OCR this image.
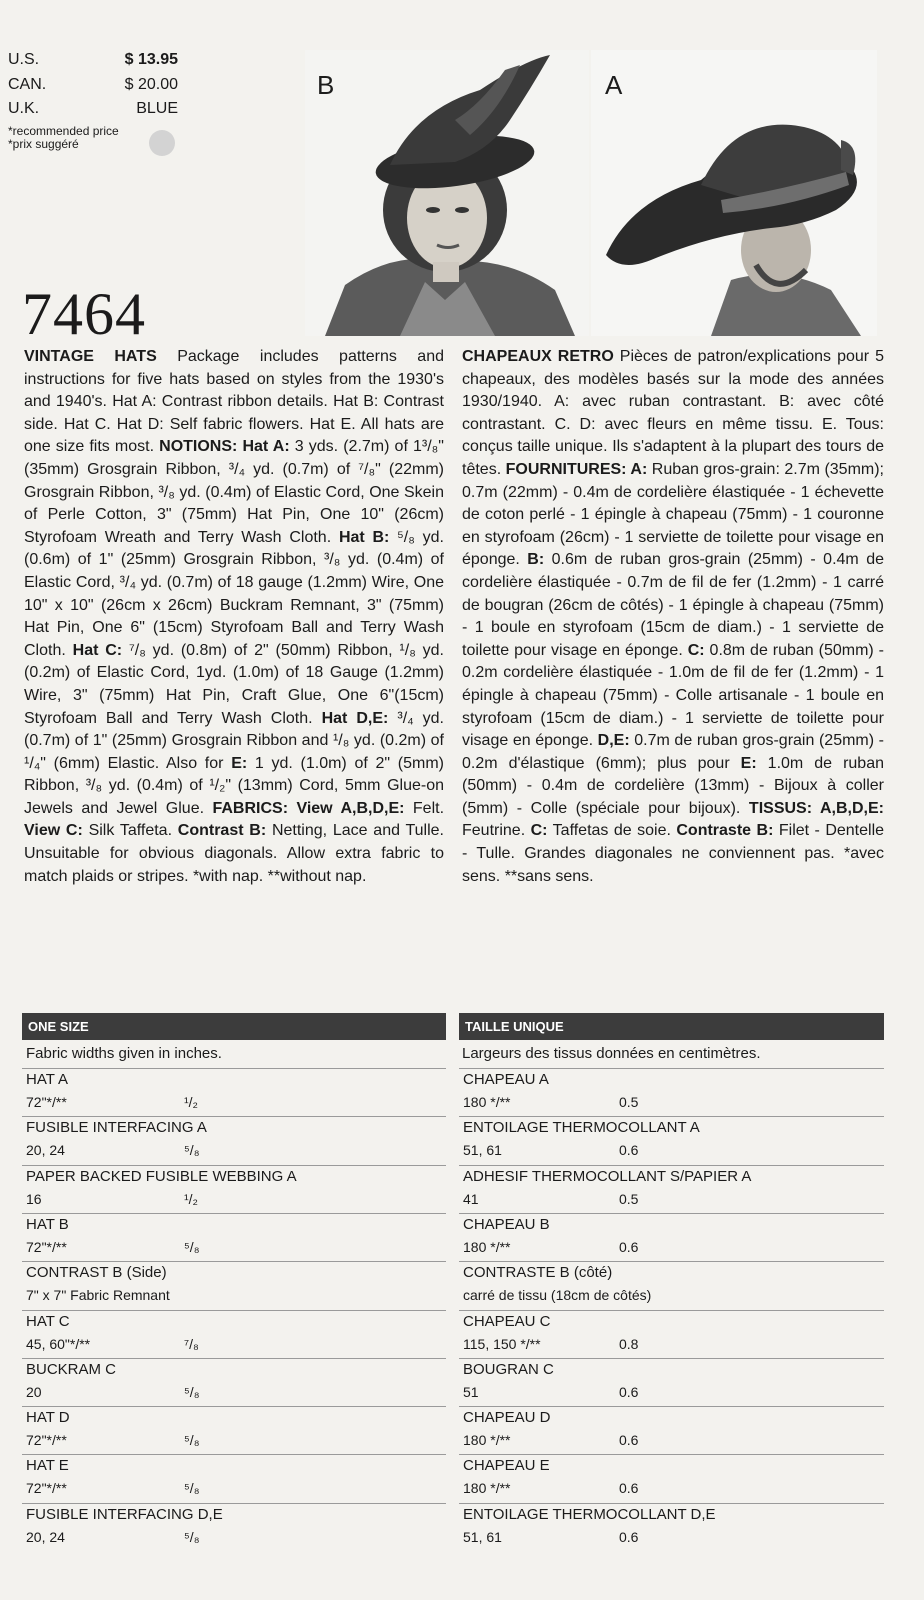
U.S.	$ 13.95
CAN.	$ 20.00
U.K.	BLUE
*recommended price
*prix suggéré
B	A
7464
VINTAGE HATS Package includes patterns and instructions for five hats based on styles from the 1930's and 1940's. Hat A: Contrast ribbon details. Hat B: Contrast side. Hat C. Hat D: Self fabric flowers. Hat E. All hats are one size fits most. NOTIONS: Hat A: 3 yds. (2.7m) of 1³/₈" (35mm) Grosgrain Ribbon, ³/₄ yd. (0.7m) of ⁷/₈" (22mm) Grosgrain Ribbon, ³/₈ yd. (0.4m) of Elastic Cord, One Skein of Perle Cotton, 3" (75mm) Hat Pin, One 10" (26cm) Styrofoam Wreath and Terry Wash Cloth. Hat B: ⁵/₈ yd. (0.6m) of 1" (25mm) Grosgrain Ribbon, ³/₈ yd. (0.4m) of Elastic Cord, ³/₄ yd. (0.7m) of 18 gauge (1.2mm) Wire, One 10" x 10" (26cm x 26cm) Buckram Remnant, 3" (75mm) Hat Pin, One 6" (15cm) Styrofoam Ball and Terry Wash Cloth. Hat C: ⁷/₈ yd. (0.8m) of 2" (50mm) Ribbon, ¹/₈ yd. (0.2m) of Elastic Cord, 1yd. (1.0m) of 18 Gauge (1.2mm) Wire, 3" (75mm) Hat Pin, Craft Glue, One 6"(15cm) Styrofoam Ball and Terry Wash Cloth. Hat D,E: ³/₄ yd. (0.7m) of 1" (25mm) Grosgrain Ribbon and ¹/₈ yd. (0.2m) of ¹/₄" (6mm) Elastic. Also for E: 1 yd. (1.0m) of 2" (5mm) Ribbon, ³/₈ yd. (0.4m) of ¹/₂" (13mm) Cord, 5mm Glue-on Jewels and Jewel Glue. FABRICS: View A,B,D,E: Felt. View C: Silk Taffeta. Contrast B: Netting, Lace and Tulle. Unsuitable for obvious diagonals. Allow extra fabric to match plaids or stripes. *with nap. **without nap.
CHAPEAUX RETRO Pièces de patron/explications pour 5 chapeaux, des modèles basés sur la mode des années 1930/1940. A: avec ruban contrastant. B: avec côté contrastant. C. D: avec fleurs en même tissu. E. Tous: conçus taille unique. Ils s'adaptent à la plupart des tours de têtes. FOURNITURES: A: Ruban gros-grain: 2.7m (35mm); 0.7m (22mm) - 0.4m de cordelière élastiquée - 1 échevette de coton perlé - 1 épingle à chapeau (75mm) - 1 couronne en styrofoam (26cm) - 1 serviette de toilette pour visage en éponge. B: 0.6m de ruban gros-grain (25mm) - 0.4m de cordelière élastiquée - 0.7m de fil de fer (1.2mm) - 1 carré de bougran (26cm de côtés) - 1 épingle à chapeau (75mm) - 1 boule en styrofoam (15cm de diam.) - 1 serviette de toilette pour visage en éponge. C: 0.8m de ruban (50mm) - 0.2m cordelière élastiquée - 1.0m de fil de fer (1.2mm) - 1 épingle à chapeau (75mm) - Colle artisanale - 1 boule en styrofoam (15cm de diam.) - 1 serviette de toilette pour visage en éponge. D,E: 0.7m de ruban gros-grain (25mm) - 0.2m d'élastique (6mm); plus pour E: 1.0m de ruban (50mm) - 0.4m de cordelière (13mm) - Bijoux à coller (5mm) - Colle (spéciale pour bijoux). TISSUS: A,B,D,E: Feutrine. C: Taffetas de soie. Contraste B: Filet - Dentelle - Tulle. Grandes diagonales ne conviennent pas. *avec sens. **sans sens.
ONE SIZE
Fabric widths given in inches.
HAT A
72"*/**	¹/₂
FUSIBLE INTERFACING A
20, 24	⁵/₈
PAPER BACKED FUSIBLE WEBBING A
16	¹/₂
HAT B
72"*/**	⁵/₈
CONTRAST B (Side)
7" x 7" Fabric Remnant
HAT C
45, 60"*/**	⁷/₈
BUCKRAM C
20	⁵/₈
HAT D
72"*/**	⁵/₈
HAT E
72"*/**	⁵/₈
FUSIBLE INTERFACING D,E
20, 24	⁵/₈
TAILLE UNIQUE
Largeurs des tissus données en centimètres.
CHAPEAU A
180 */**	0.5
ENTOILAGE THERMOCOLLANT A
51, 61	0.6
ADHESIF THERMOCOLLANT S/PAPIER A
41	0.5
CHAPEAU B
180 */**	0.6
CONTRASTE B (côté)
carré de tissu (18cm de côtés)
CHAPEAU C
115, 150 */**	0.8
BOUGRAN C
51	0.6
CHAPEAU D
180 */**	0.6
CHAPEAU E
180 */**	0.6
ENTOILAGE THERMOCOLLANT D,E
51, 61	0.6
